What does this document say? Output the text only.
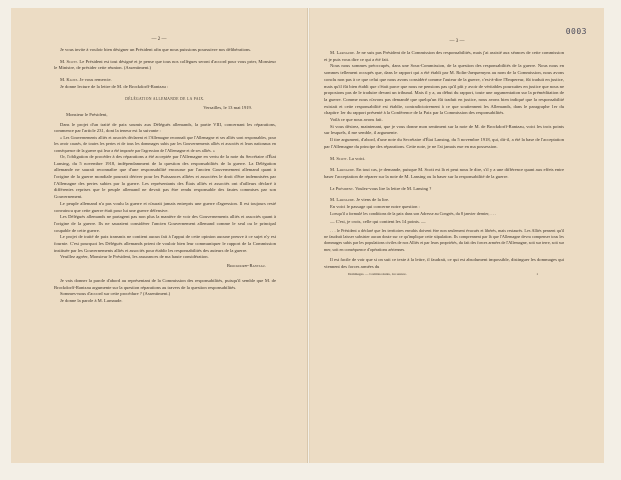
— 2 —

Je vous invite à vouloir bien désigner un Président afin que nous puissions poursuivre nos délibérations.

M. Scott. Le Président est tout désigné et je pense que tous nos collègues seront d'accord pour vous prier, Monsieur le Ministre, de présider cette réunion. (Assentiment.)

M. Klotz. Je vous remercie.

Je donne lecture de la lettre de M. de Brockdorff-Rantzau :

DÉLÉGATION ALLEMANDE DE LA PAIX.

Versailles, le 13 mai 1919.

Monsieur le Président,

Dans le projet d'un traité de paix soumis aux Délégués allemands, la partie VIII, concernant les réparations, commence par l'article 231, dont la teneur est la suivante :

« Les Gouvernements alliés et associés déclarent et l'Allemagne reconnaît que l'Allemagne et ses alliés sont responsables, pour les avoir causés, de toutes les pertes et de tous les dommages subis par les Gouvernements alliés et associés et leurs nationaux en conséquence de la guerre qui leur a été imposée par l'agression de l'Allemagne et de ses alliés. »

Or, l'obligation de procéder à des réparations a été acceptée par l'Allemagne en vertu de la note du Secrétaire d'État Lansing, du 5 novembre 1918, indépendamment de la question des responsabilités de la guerre. La Délégation allemande ne saurait reconnaître que d'une responsabilité encourue par l'ancien Gouvernement allemand quant à l'origine de la guerre mondiale pourrait dériver pour les Puissances alliées et associées le droit d'être indemnisées par l'Allemagne des pertes subies par la guerre. Les représentants des États alliés et associés ont d'ailleurs déclaré à différentes reprises que le peuple allemand ne devait pas être rendu responsable des fautes commises par son Gouvernement.

Le peuple allemand n'a pas voulu la guerre et n'aurait jamais entrepris une guerre d'agression. Il est toujours resté convaincu que cette guerre était pour lui une guerre défensive.

Les Délégués allemands ne partagent pas non plus la manière de voir des Gouvernements alliés et associés quant à l'origine de la guerre. Ils ne sauraient considérer l'ancien Gouvernement allemand comme le seul ou le principal coupable de cette guerre.

Le projet de traité de paix transmis ne contient aucun fait à l'appui de cette opinion aucune preuve à ce sujet n'y est fournie. C'est pourquoi les Délégués allemands prient de vouloir bien leur communiquer le rapport de la Commission instituée par les Gouvernements alliés et associés pour établir les responsabilités des auteurs de la guerre.

Veuillez agréer, Monsieur le Président, les assurances de ma haute considération.

Brockdorff-Rantzau.

Je vais donner la parole d'abord au représentant de la Commission des responsabilités, puisqu'il semble que M. de Brockdorff-Rantzau argumente sur la question réparations au travers de la question responsabilités.

Sommes-nous d'accord sur cette procédure ? (Assentiment.)

Je donne la parole à M. Larnaude.

0003
— 3 —

M. Larnaude. Je ne suis pas Président de la Commission des responsabilités, mais j'ai assisté aux séances de cette commission et je puis vous dire ce qui a été fait.

Nous nous sommes préoccupés, dans une Sous-Commission, de la question des responsabilités de la guerre. Nous nous en sommes tellement occupés que, dans le rapport qui a été établi par M. Rolin-Jaequemyns au nom de la Commission, nous avons conclu non pas à ce que celui que nous avons considéré comme l'auteur de la guerre, c'est-à-dire l'Empereur, fût traduit en justice, mais qu'il fût bien établi que c'était parce que nous ne pensions pas qu'il pût y avoir de véritables poursuites en justice que nous ne proposions pas de le traduire devant un tribunal. Mais il y a, au début du rapport, toute une argumentation sur la préméditation de la guerre. Comme nous n'avons pas demandé que quelqu'un fût traduit en justice, nous avons bien indiqué que la responsabilité existait et cette responsabilité est établie, contradictoirement à ce que soutiennent les Allemands, dans le paragraphe 1er du chapitre 1er du rapport présenté à la Conférence de la Paix par la Commission des responsabilités.

Voilà ce que nous avons fait.

Si vous désirez, maintenant, que je vous donne mon sentiment sur la note de M. de Brockdorff-Rantzau, voici les trois points sur lesquels, il me semble, il argumente.

Il tire argument, d'abord, d'une note du Secrétaire d'État Lansing, du 5 novembre 1918, qui, dit-il, a été la base de l'acceptation par l'Allemagne du principe des réparations. Cette note, je ne l'ai jamais eue en ma possession.

M. Scott. La voici.

M. Larnaude. En tout cas, je demande, puisque M. Scott est là et peut nous le dire, s'il y a une différence quant aux effets entre baser l'acceptation de réparer sur la note de M. Lansing ou la baser sur la responsabilité de la guerre.

Le Président. Voulez-vous lire la lettre de M. Lansing ?

M. Larnaude. Je viens de la lire.

En voici le passage qui concerne notre question :

Lorsqu'il a formulé les conditions de la paix dans son Adresse au Congrès, du 8 janvier dernier, . . .

— C'est, je crois, celle qui contient les 14 points. —

. . . le Président a déclaré que les territoires envahis doivent être non seulement évacués et libérés, mais restaurés. Les Alliés pensent qu'il ne faudrait laisser subsister aucun doute sur ce qu'implique cette stipulation. Ils comprennent par là que l'Allemagne devra compenser tous les dommages subis par les populations civiles de nos Alliés et par leurs propriétés, du fait des forces armées de l'Allemagne, soit sur terre, soit sur mer, soit en conséquence d'opérations aériennes.

Il est facile de voir que si on suit ce texte à la lettre, il faudrait, ce qui est absolument impossible, distinguer les dommages qui viennent des forces armées du

Dommages. — Comités réunis, 1re séance.	1
